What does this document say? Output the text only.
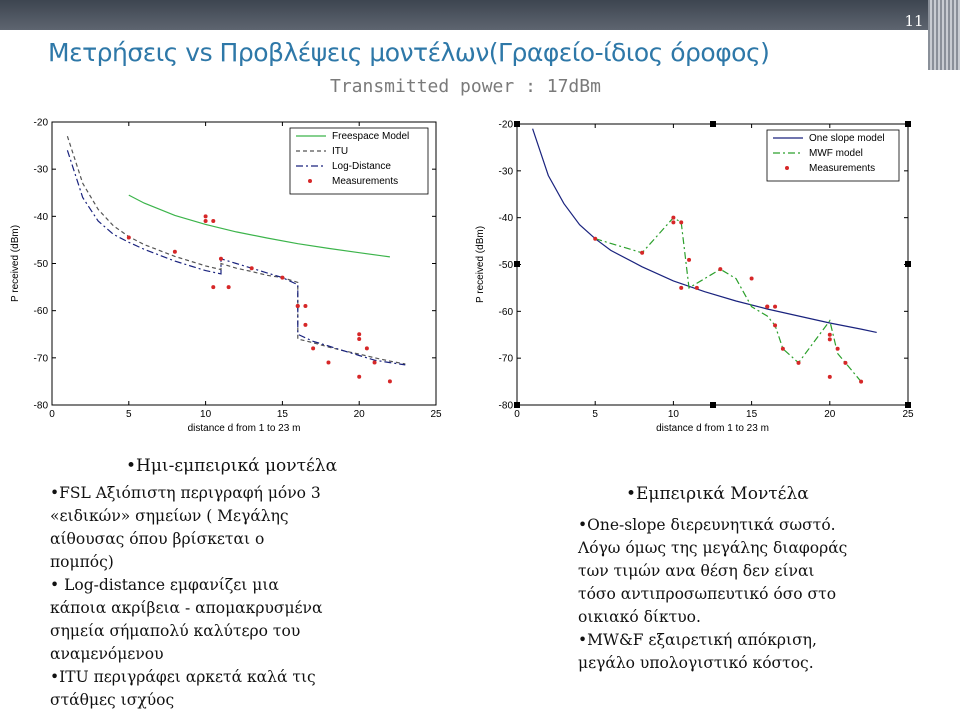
11
Μετρήσεις vs Προβλέψεις μοντέλων(Γραφείο-ίδιος όροφος)
Transmitted power : 17dBm
0	5	10	15	20	25
-20
-30
-40
-50
-60
-70
-80
distance d from 1 to 23 m
P received (dBm)
Freespace Model
ITU
Log-Distance
Measurements
0	5	10	15	20	25
-20
-30
-40
-50
-60
-70
-80
distance d from 1 to 23 m
P received (dBm)
One slope model
MWF model
Measurements
•Ημι-εμπειρικά μοντέλα
•FSL Αξιόπιστη περιγραφή μόνο 3
«ειδικών» σημείων ( Μεγάλης
αίθουσας όπου βρίσκεται ο
πομπός)
• Log-distance εμφανίζει μια
κάποια ακρίβεια - απομακρυσμένα
σημεία σήμαπολύ καλύτερο του
αναμενόμενου
•ITU περιγράφει αρκετά καλά τις
στάθμες ισχύος
•Εμπειρικά Μοντέλα
•One-slope διερευνητικά σωστό.
Λόγω όμως της μεγάλης διαφοράς
των τιμών ανα θέση δεν είναι
τόσο αντιπροσωπευτικό όσο στο
οικιακό δίκτυο.
•MW&F εξαιρετική απόκριση,
μεγάλο υπολογιστικό κόστος.
